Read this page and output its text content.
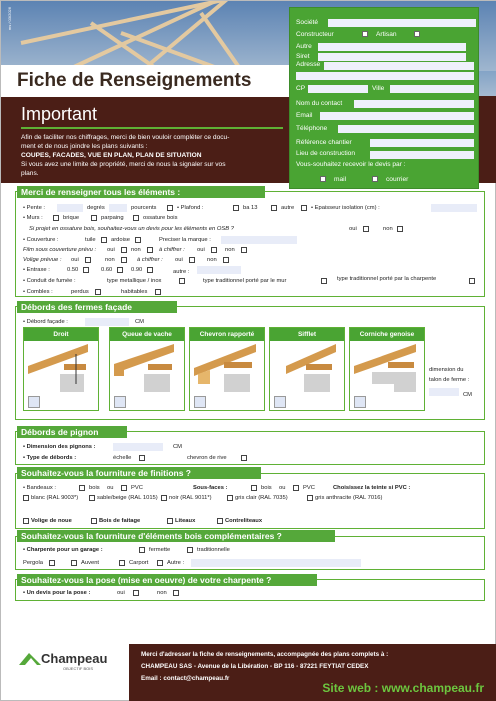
ms / 03/2026
Fiche de Renseignements
Important

Afin de faciliter nos chiffrages, merci de bien vouloir compléter ce docu-

ment et de nous joindre les plans suivants :

COUPES, FACADES, VUE EN PLAN, PLAN DE SITUATION

Si vous avez une limite de propriété, merci de nous la signaler sur vos

plans.

Société
Constructeur	Artisan
Autre
Siret
Adresse
CP	Ville
Nom du contact
Email
Téléphone
Référence chantier
Lieu de construction
Vous-souhaitez recevoir le devis par :
mail	courrier
Merci de renseigner tous les éléments :
• Pente :	degrés	pourcents	• Plafond :	ba 13	autre	• Epaisseur isolation (cm) :
• Murs :	brique	parpaing	ossature bois
Si projet en ossature bois, souhaitez-vous un devis pour les éléments en OSB ?	oui	non
• Couverture :	tuile	ardoise	Preciser la marque :
Film sous couverture prévu : oui	non	à chiffrer : oui	non
Volige prévue : oui	non	à chiffrer : oui	non
• Entraxe :	0.50	0.60	0.90	autre :
• Conduit de fumée :	type metallique / inox	type traditionnel porté par le mur	type traditionnel porté par la charpente
• Combles :	perdus	habitables
Débords des fermes façade
• Débord façade :	CM
Droit	Queue de vache	Chevron rapporté	Sifflet	Corniche genoise
dimension du
talon de ferme :
CM
Débords de pignon
• Dimension des pignons :	CM
• Type de débords :	échelle	chevron de rive
Souhaitez-vous la fourniture de finitions ?
• Bandeaux :	bois ou	PVC	Sous-faces :	bois ou	PVC	Choisissez la teinte si PVC :
blanc (RAL 9003*)	sable/beige (RAL 1015) noir (RAL 9011*)	gris clair (RAL 7035)	gris anthracite (RAL 7016)
Volige de noue	Bois de faitage	Liteaux	Contreliteaux
Souhaitez-vous la fourniture d'éléments bois complémentaires ?
• Charpente pour un garage :	fermette	traditionnelle
Pergola	Auvent	Carport	Autre :
Souhaitez-vous la pose (mise en oeuvre) de votre charpente ?
• Un devis pour la pose :	oui	non
Champeau
OBJECTIF BOIS
Merci d'adresser la fiche de renseignements, accompagnée des plans complets à :
CHAMPEAU SAS - Avenue de la Libération - BP 116 - 87221 FEYTIAT CEDEX
Email : contact@champeau.fr
Site web : www.champeau.fr
